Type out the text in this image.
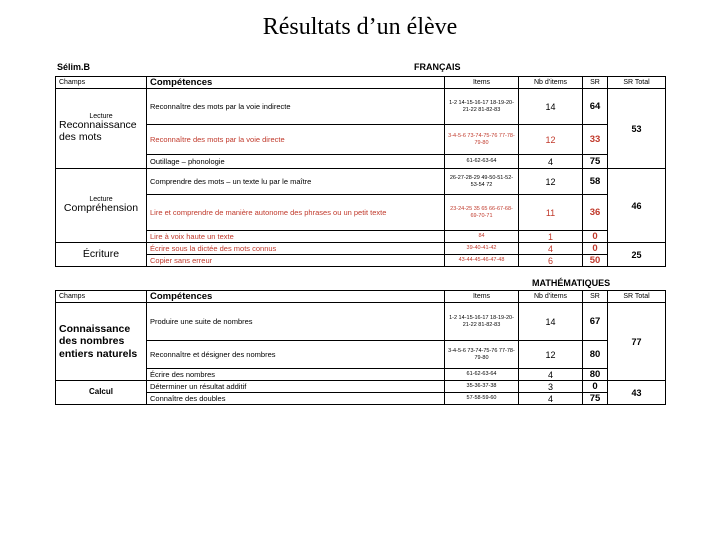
Résultats d’un élève
Sélim.B	FRANÇAIS
Champs	Compétences	Items	Nb d’items	SR	SR Total

Lecture
Reconnaissance des mots	Reconnaître des mots par la voie indirecte	1-2 14-15-16-17 18-19-20-21-22 81-82-83	14	64	53
	Reconnaître des mots par la voie directe	3-4-5-6 73-74-75-76 77-78-79-80	12	33	
	Outillage – phonologie	61-62-63-64	4	75	

Lecture
Compréhension	Comprendre des mots – un texte lu par le maître	26-27-28-29 49-50-51-52-53-54 72	12	58	46
	Lire et comprendre de manière autonome des phrases ou un petit texte	23-24-25 35 65 66-67-68-69-70-71	11	36	
	Lire à voix haute un texte	84	1	0	

Écriture	Écrire sous la dictée des mots connus	39-40-41-42	4	0	25
	Copier sans erreur	43-44-45-46-47-48	6	50	
MATHÉMATIQUES
Champs	Compétences	Items	Nb d’items	SR	SR Total

Connaissance des nombres entiers naturels	Produire une suite de nombres	1-2 14-15-16-17 18-19-20-21-22 81-82-83	14	67	77
	Reconnaître et désigner des nombres	3-4-5-6 73-74-75-76 77-78-79-80	12	80	
	Écrire des nombres	61-62-63-64	4	80	

Calcul	Déterminer un résultat additif	35-36-37-38	3	0	43
	Connaître des doubles	57-58-59-60	4	75	
